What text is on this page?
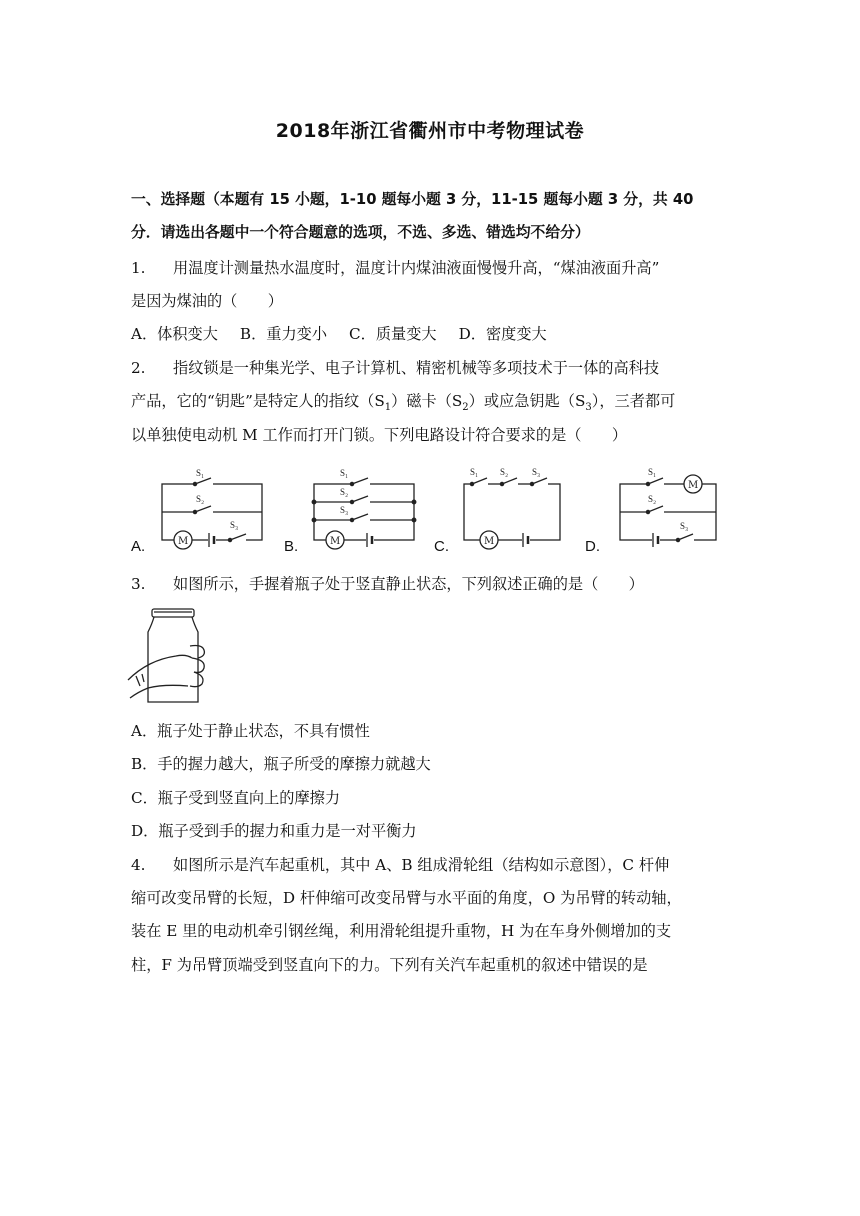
2018年浙江省衢州市中考物理试卷
一、选择题（本题有 15 小题，1-10 题每小题 3 分，11-15 题每小题 3 分，共 40
分．请选出各题中一个符合题意的选项，不选、多选、错选均不给分）
1. 用温度计测量热水温度时，温度计内煤油液面慢慢升高，“煤油液面升高”
是因为煤油的（　　）
A．体积变大 B．重力变小 C．质量变大 D．密度变大
2. 指纹锁是一种集光学、电子计算机、精密机械等多项技术于一体的高科技
产品，它的“钥匙”是特定人的指纹$(S_1)$磁卡$(S_2)$或应急钥匙$(S_3)$，三者都可
以单独使电动机 M 工作而打开门锁。下列电路设计符合要求的是（　　）
A.	B.	C.	D.
S₁
S₂
M
S₃
S₁
S₂
S₃
M
S₁ S₂	S₃
M
S₁
M
S₂
S₃
3. 如图所示，手握着瓶子处于竖直静止状态，下列叙述正确的是（　　）
A．瓶子处于静止状态，不具有惯性
B．手的握力越大，瓶子所受的摩擦力就越大
C．瓶子受到竖直向上的摩擦力
D．瓶子受到手的握力和重力是一对平衡力
4. 如图所示是汽车起重机，其中 A、B 组成滑轮组（结构如示意图），C 杆伸
缩可改变吊臂的长短，D 杆伸缩可改变吊臂与水平面的角度，O 为吊臂的转动轴，
装在 E 里的电动机牵引钢丝绳，利用滑轮组提升重物，H 为在车身外侧增加的支
柱，F 为吊臂顶端受到竖直向下的力。下列有关汽车起重机的叙述中错误的是
